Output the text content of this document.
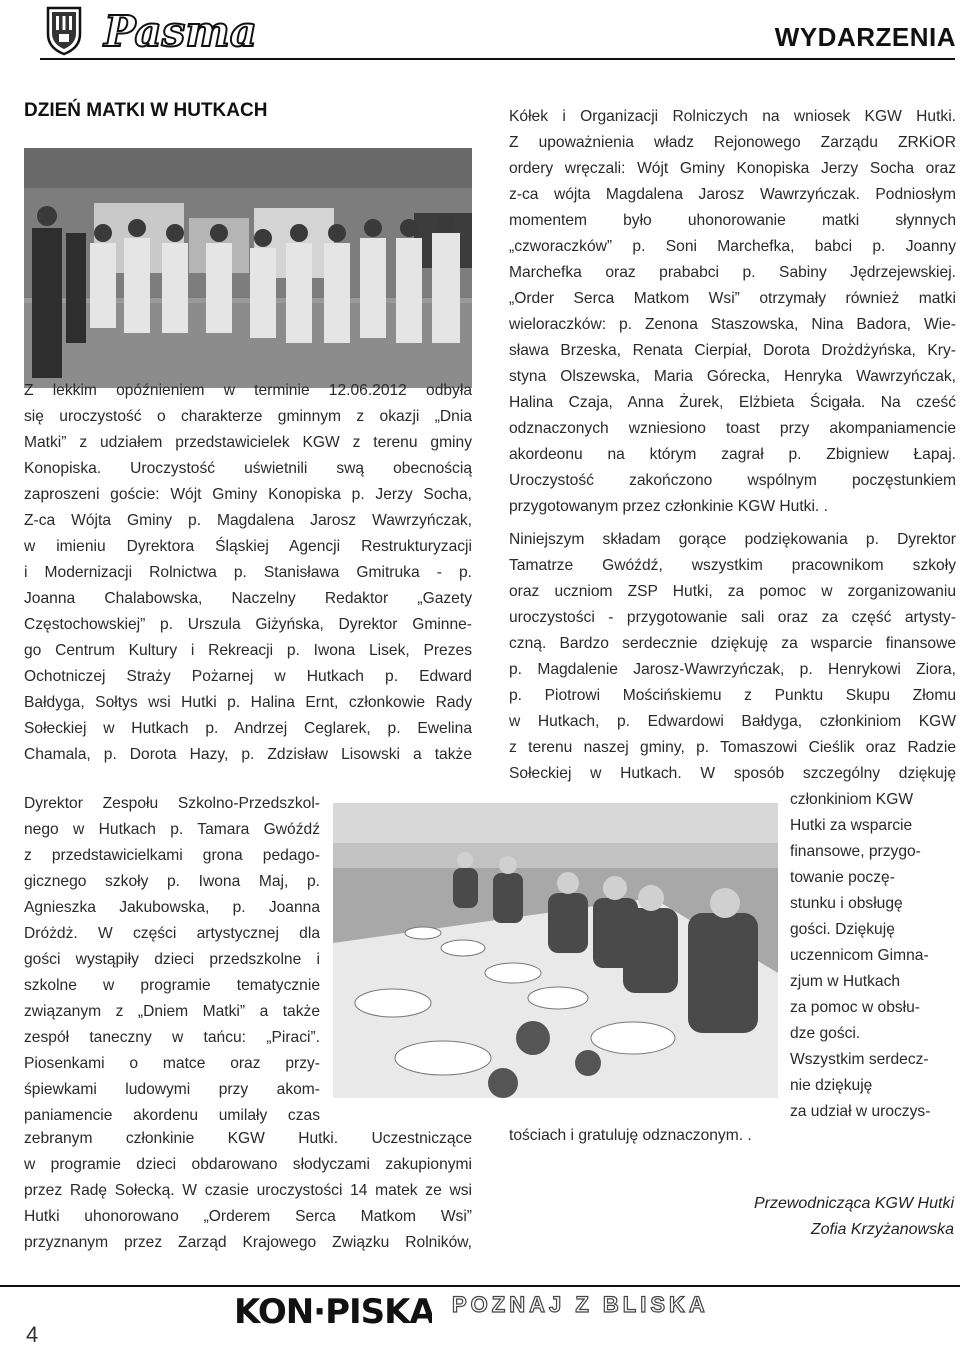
Pasma	WYDARZENIA
DZIEŃ MATKI W HUTKACH
Z lekkim opóźnieniem w terminie 12.06.2012 odbyła
się uroczystość o charakterze gminnym z okazji „Dnia
Matki” z udziałem przedstawicielek KGW z terenu gminy
Konopiska. Uroczystość uświetnili swą obecnością
zaproszeni goście: Wójt Gminy Konopiska p. Jerzy Socha,
Z-ca Wójta Gminy p. Magdalena Jarosz Wawrzyńczak,
w imieniu Dyrektora Śląskiej Agencji Restrukturyzacji
i Modernizacji Rolnictwa p. Stanisława Gmitruka - p.
Joanna Chalabowska, Naczelny Redaktor „Gazety
Częstochowskiej” p. Urszula Giżyńska, Dyrektor Gminne-
go Centrum Kultury i Rekreacji p. Iwona Lisek, Prezes
Ochotniczej Straży Pożarnej w Hutkach p. Edward
Bałdyga, Sołtys wsi Hutki p. Halina Ernt, członkowie Rady
Sołeckiej w Hutkach p. Andrzej Ceglarek, p. Ewelina
Chamala, p. Dorota Hazy, p. Zdzisław Lisowski a także
Dyrektor Zespołu Szkolno-Przedszkol-
nego w Hutkach p. Tamara Gwóźdź
z przedstawicielkami grona pedago-
gicznego szkoły p. Iwona Maj, p.
Agnieszka Jakubowska, p. Joanna
Dróżdż. W części artystycznej dla
gości wystąpiły dzieci przedszkolne i
szkolne w programie tematycznie
związanym z „Dniem Matki” a także
zespół taneczny w tańcu: „Piraci”.
Piosenkami o matce oraz przy-
śpiewkami ludowymi przy akom-
paniamencie akordenu umilały czas
zebranym członkinie KGW Hutki. Uczestniczące
w programie dzieci obdarowano słodyczami zakupionymi
przez Radę Sołecką. W czasie uroczystości 14 matek ze wsi
Hutki uhonorowano „Orderem Serca Matkom Wsi”
przyznanym przez Zarząd Krajowego Związku Rolników,
Kółek i Organizacji Rolniczych na wniosek KGW Hutki.
Z upoważnienia władz Rejonowego Zarządu ZRKiOR
ordery wręczali: Wójt Gminy Konopiska Jerzy Socha oraz
z-ca wójta Magdalena Jarosz Wawrzyńczak. Podniosłym
momentem było uhonorowanie matki słynnych
„czworaczków” p. Soni Marchefka, babci p. Joanny
Marchefka oraz prababci p. Sabiny Jędrzejewskiej.
„Order Serca Matkom Wsi” otrzymały również matki
wieloraczków: p. Zenona Staszowska, Nina Badora, Wie-
sława Brzeska, Renata Cierpiał, Dorota Drożdżyńska, Kry-
styna Olszewska, Maria Górecka, Henryka Wawrzyńczak,
Halina Czaja, Anna Żurek, Elżbieta Ścigała. Na cześć
odznaczonych wzniesiono toast przy akompaniamencie
akordeonu na którym zagrał p. Zbigniew Łapaj.
Uroczystość zakończono wspólnym poczęstunkiem
przygotowanym przez członkinie KGW Hutki. .
Niniejszym składam gorące podziękowania p. Dyrektor
Tamatrze Gwóźdź, wszystkim pracownikom szkoły
oraz uczniom ZSP Hutki, za pomoc w zorganizowaniu
uroczystości - przygotowanie sali oraz za część artysty-
czną. Bardzo serdecznie dziękuję za wsparcie finansowe
p. Magdalenie Jarosz-Wawrzyńczak, p. Henrykowi Ziora,
p. Piotrowi Mościńskiemu z Punktu Skupu Złomu
w Hutkach, p. Edwardowi Bałdyga, członkiniom KGW
z terenu naszej gminy, p. Tomaszowi Cieślik oraz Radzie
Sołeckiej w Hutkach. W sposób szczególny dziękuję
członkiniom KGW
Hutki za wsparcie
finansowe, przygo-
towanie poczę-
stunku i obsługę
gości. Dziękuję
uczennicom Gimna-
zjum w Hutkach
za pomoc w obsłu-
dze gości.
Wszystkim serdecz-
nie dziękuję
za udział w uroczys-
tościach i gratuluję odznaczonym. .
Przewodnicząca KGW Hutki
Zofia Krzyżanowska
4
KON·PISKA POZNAJ Z BLISKA
